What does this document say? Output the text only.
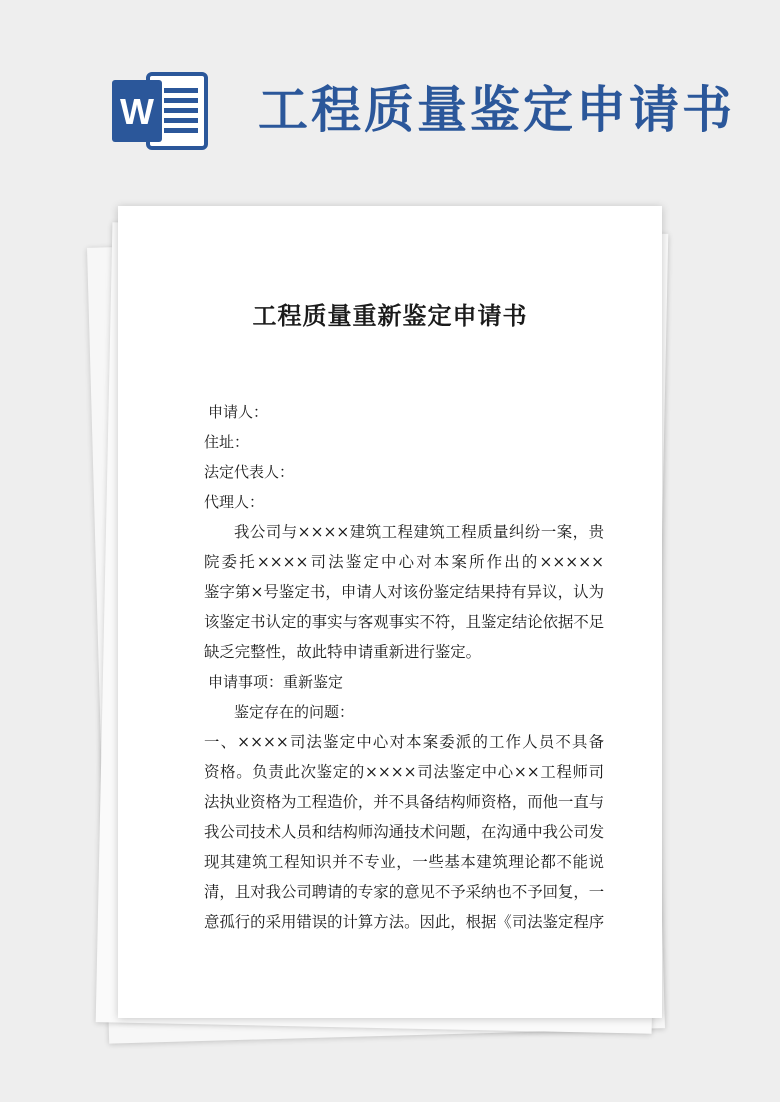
W 工程质量鉴定申请书
工程质量重新鉴定申请书
申请人：
住址：
法定代表人：
代理人：
我公司与××××建筑工程建筑工程质量纠纷一案，贵
院委托××××司法鉴定中心对本案所作出的×××××
鉴字第×号鉴定书，申请人对该份鉴定结果持有异议，认为
该鉴定书认定的事实与客观事实不符，且鉴定结论依据不足
缺乏完整性，故此特申请重新进行鉴定。
申请事项：重新鉴定
鉴定存在的问题：
一、××××司法鉴定中心对本案委派的工作人员不具备
资格。负责此次鉴定的××××司法鉴定中心××工程师司
法执业资格为工程造价，并不具备结构师资格，而他一直与
我公司技术人员和结构师沟通技术问题，在沟通中我公司发
现其建筑工程知识并不专业，一些基本建筑理论都不能说
清，且对我公司聘请的专家的意见不予采纳也不予回复，一
意孤行的采用错误的计算方法。因此，根据《司法鉴定程序
